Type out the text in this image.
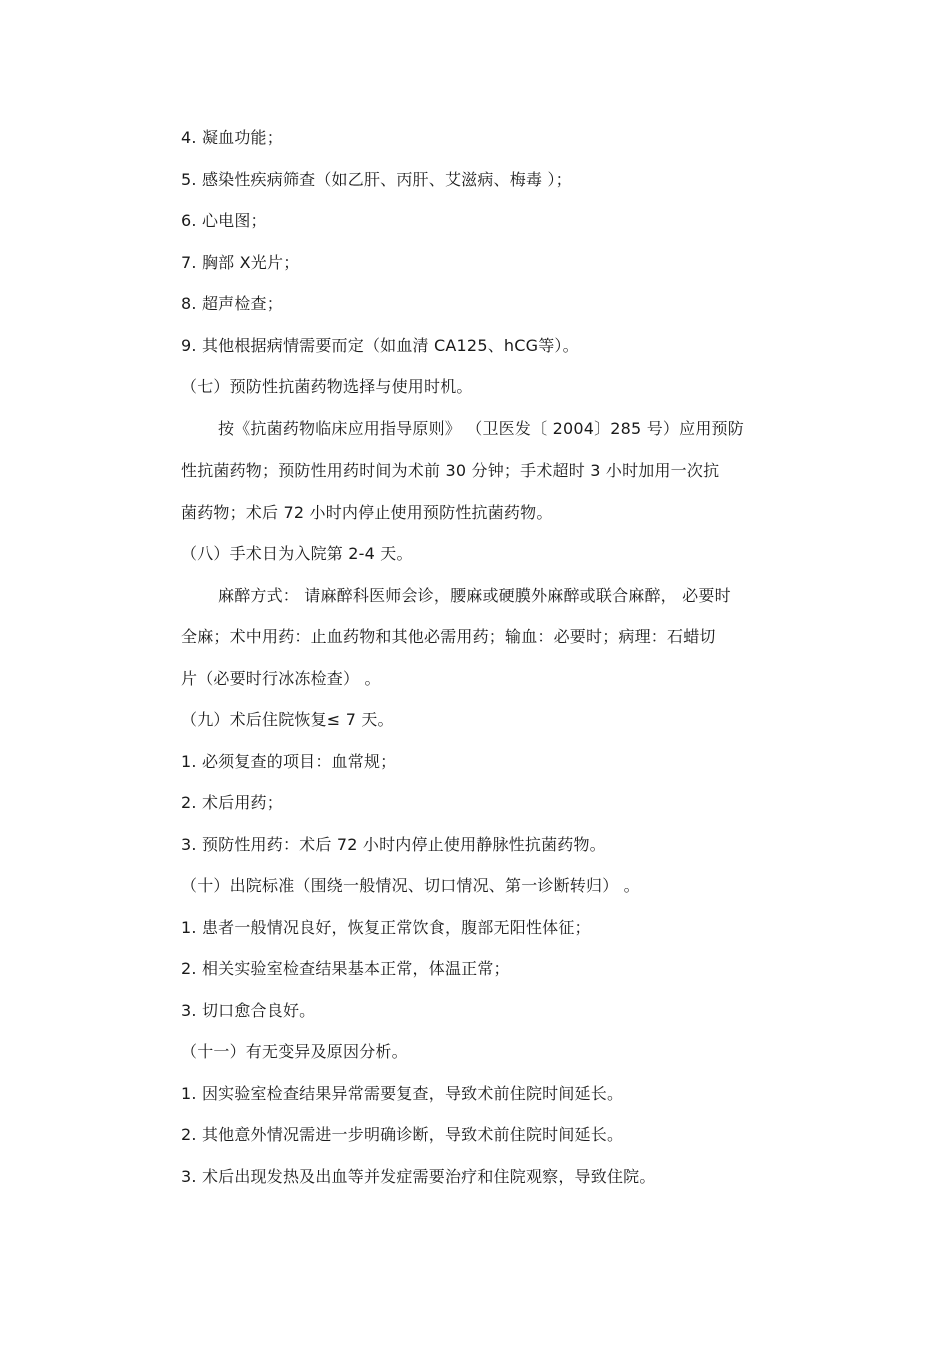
4. 凝血功能；
5. 感染性疾病筛查（如乙肝、丙肝、艾滋病、梅毒 ）；
6. 心电图；
7. 胸部 X光片；
8. 超声检查；
9. 其他根据病情需要而定（如血清 CA125、hCG等）。
（七）预防性抗菌药物选择与使用时机。
按《抗菌药物临床应用指导原则》 （卫医发〔 2004〕285 号）应用预防
性抗菌药物；预防性用药时间为术前 30 分钟；手术超时 3 小时加用一次抗
菌药物；术后 72 小时内停止使用预防性抗菌药物。
（八）手术日为入院第 2-4 天。
麻醉方式： 请麻醉科医师会诊，腰麻或硬膜外麻醉或联合麻醉， 必要时
全麻；术中用药：止血药物和其他必需用药；输血：必要时；病理：石蜡切
片（必要时行冰冻检查） 。
（九）术后住院恢复≤ 7 天。
1. 必须复查的项目：血常规；
2. 术后用药；
3. 预防性用药：术后 72 小时内停止使用静脉性抗菌药物。
（十）出院标准（围绕一般情况、切口情况、第一诊断转归） 。
1. 患者一般情况良好，恢复正常饮食，腹部无阳性体征；
2. 相关实验室检查结果基本正常，体温正常；
3. 切口愈合良好。
（十一）有无变异及原因分析。
1. 因实验室检查结果异常需要复查，导致术前住院时间延长。
2. 其他意外情况需进一步明确诊断，导致术前住院时间延长。
3. 术后出现发热及出血等并发症需要治疗和住院观察，导致住院。
